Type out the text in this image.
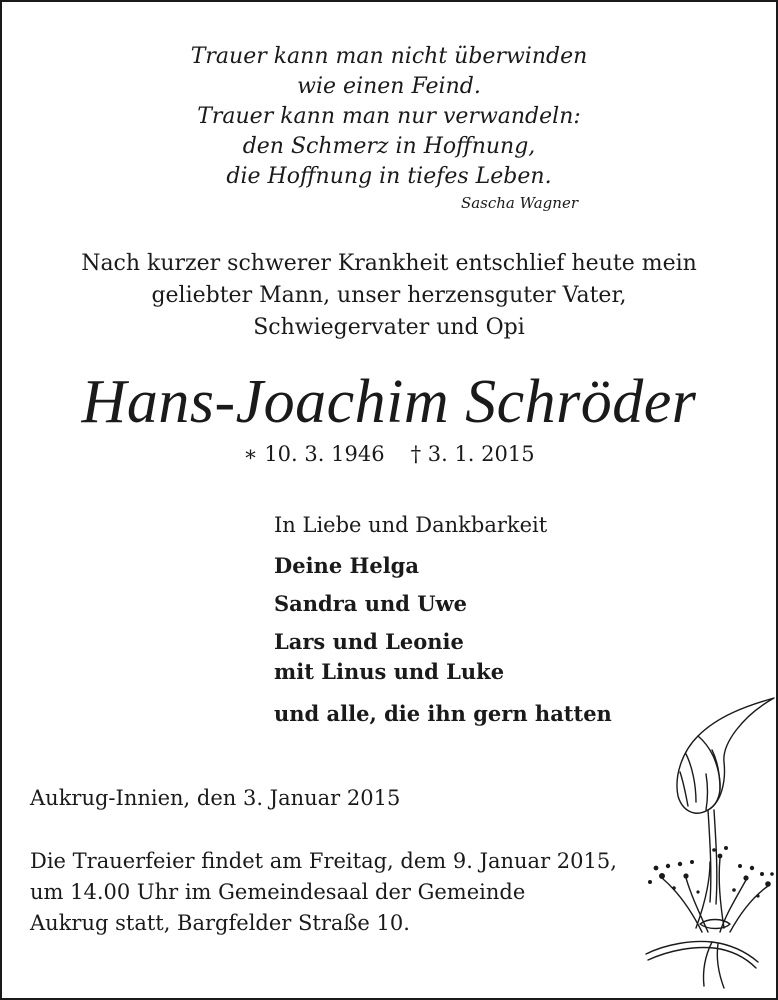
Trauer kann man nicht überwinden
wie einen Feind.
Trauer kann man nur verwandeln:
den Schmerz in Hoffnung,
die Hoffnung in tiefes Leben.
Sascha Wagner
Nach kurzer schwerer Krankheit entschlief heute mein
geliebter Mann, unser herzensguter Vater,
Schwiegervater und Opi
Hans-Joachim Schröder
∗ 10. 3. 1946 † 3. 1. 2015
In Liebe und Dankbarkeit
Deine Helga
Sandra und Uwe
Lars und Leonie
mit Linus und Luke
und alle, die ihn gern hatten
Aukrug-Innien, den 3. Januar 2015
Die Trauerfeier findet am Freitag, dem 9. Januar 2015,
um 14.00 Uhr im Gemeindesaal der Gemeinde
Aukrug statt, Bargfelder Straße 10.
